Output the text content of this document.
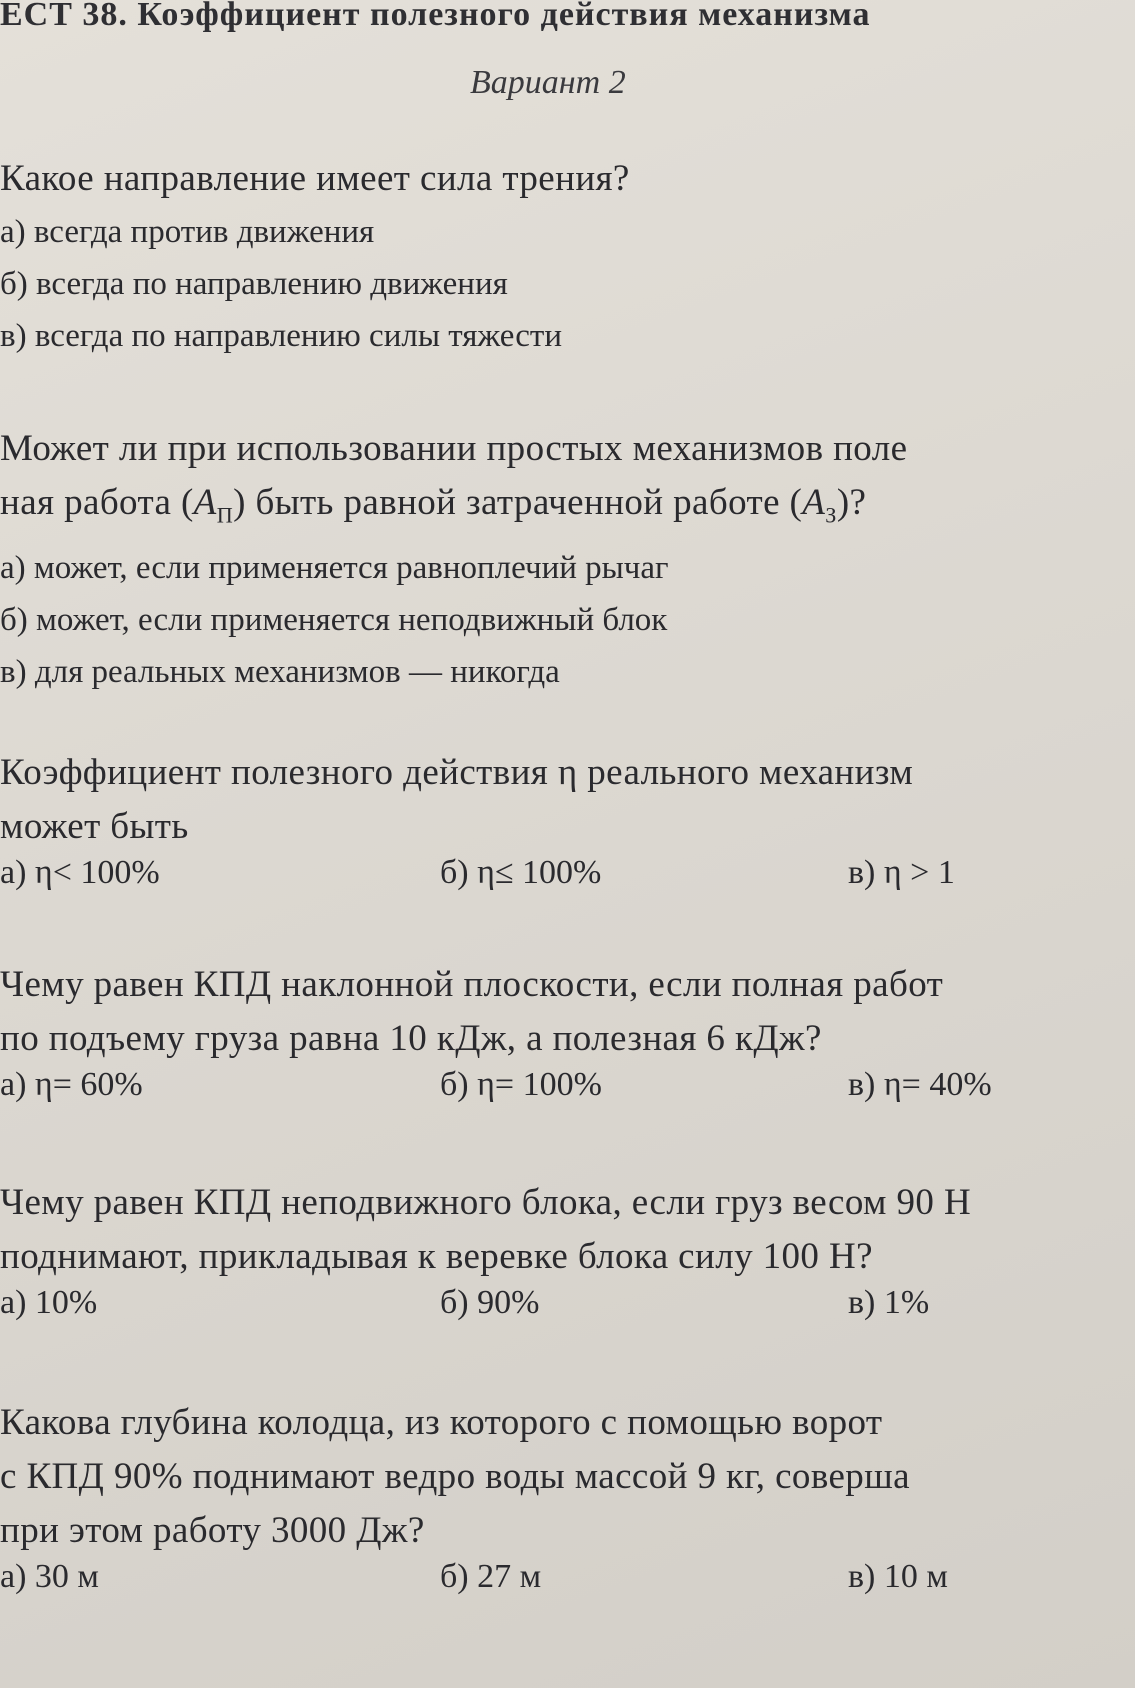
ЕСТ 38. Коэффициент полезного действия механизма
Вариант 2
Какое направление имеет сила трения?
а) всегда против движения
б) всегда по направлению движения
в) всегда по направлению силы тяжести
Может ли при использовании простых механизмов поле
ная работа $(А_П)$ быть равной затраченной работе $(А_З)$?
а) может, если применяется равноплечий рычаг
б) может, если применяется неподвижный блок
в) для реальных механизмов — никогда
Коэффициент полезного действия η реального механизм
может быть
а) η< 100%	б) η≤ 100%	в) η > 1
Чему равен КПД наклонной плоскости, если полная работ
по подъему груза равна 10 кДж, а полезная 6 кДж?
а) η= 60%	б) η= 100%	в) η= 40%
Чему равен КПД неподвижного блока, если груз весом 90 Н
поднимают, прикладывая к веревке блока силу 100 Н?
а) 10%	б) 90%	в) 1%
Какова глубина колодца, из которого с помощью ворот
с КПД 90% поднимают ведро воды массой 9 кг, соверша
при этом работу 3000 Дж?
а) 30 м	б) 27 м	в) 10 м
